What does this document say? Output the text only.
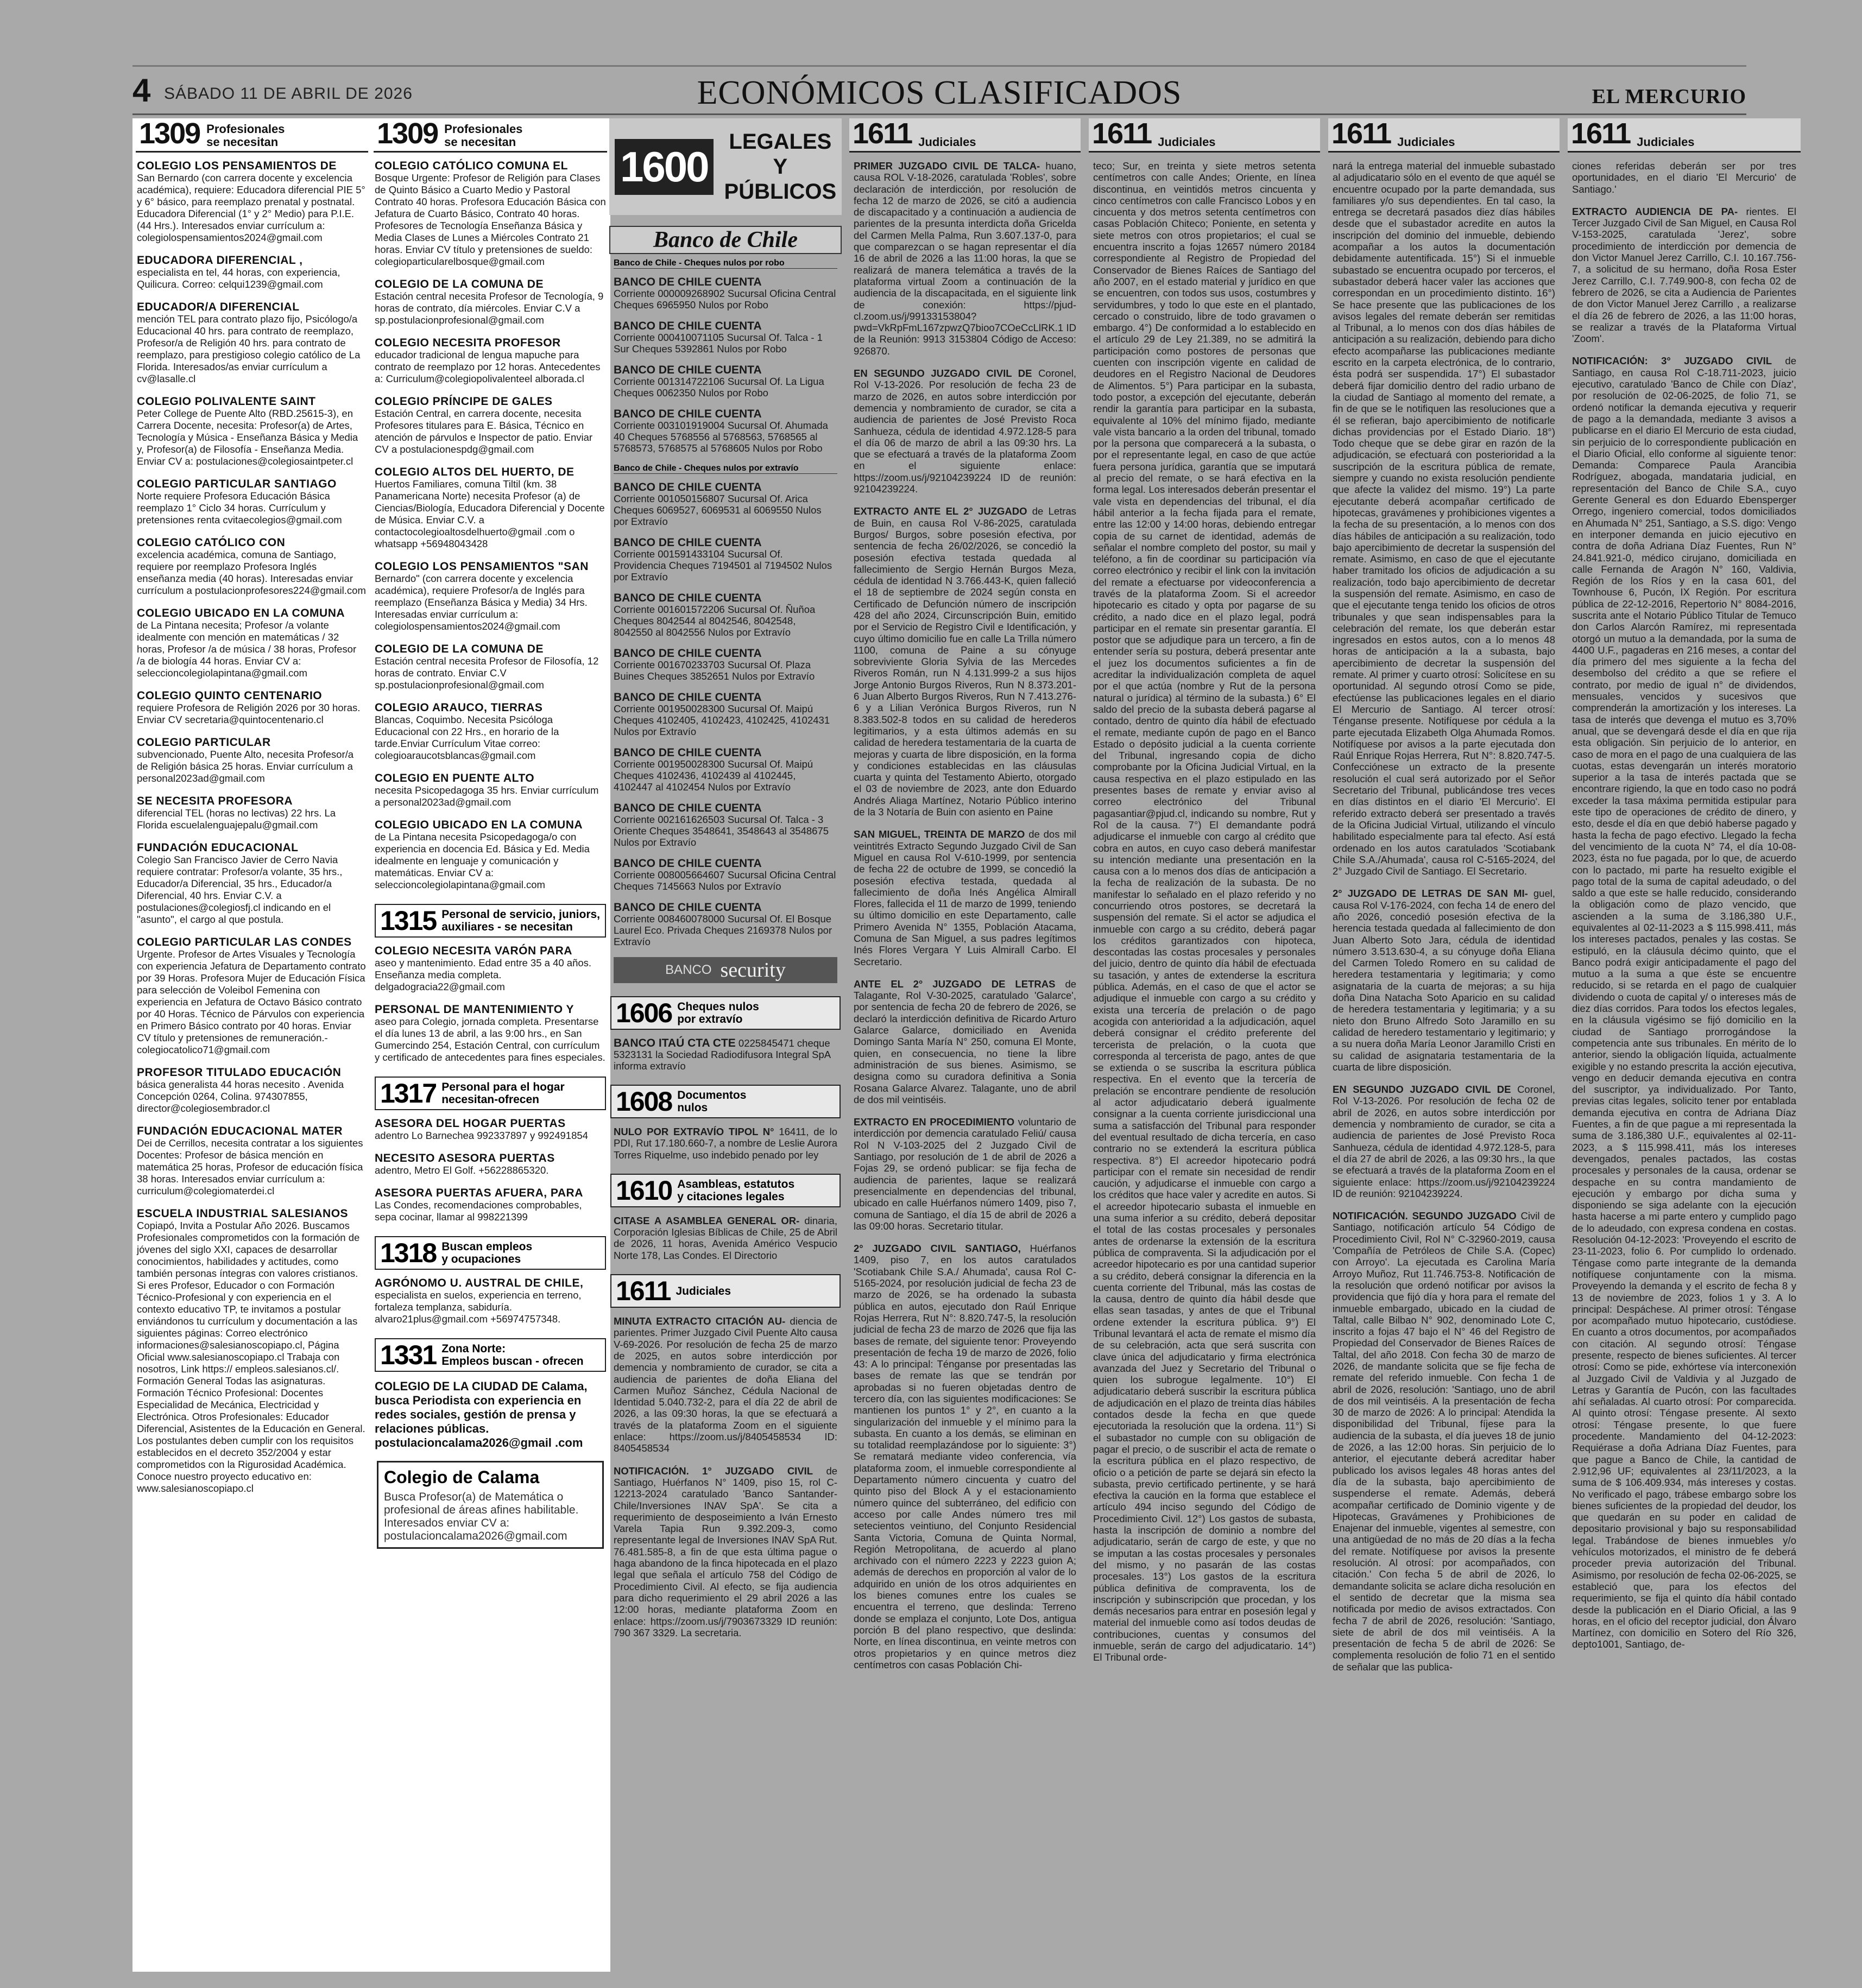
4 SÁBADO 11 DE ABRIL DE 2026	ECONÓMICOS CLASIFICADOS	EL MERCURIO
1309 Profesionales
se necesitan
COLEGIO LOS PENSAMIENTOS DE
San Bernardo (con carrera docente y excelencia académica), requiere: Educadora diferencial PIE 5° y 6° básico, para reemplazo prenatal y postnatal. Educadora Diferencial (1° y 2° Medio) para P.I.E. (44 Hrs.). Interesados enviar currículum a: colegiolospensamientos2024@gmail.com
EDUCADORA DIFERENCIAL ,
especialista en tel, 44 horas, con experiencia, Quilicura. Correo: celqui1239@gmail.com
EDUCADOR/A DIFERENCIAL
mención TEL para contrato plazo fijo, Psicólogo/a Educacional 40 hrs. para contrato de reemplazo, Profesor/a de Religión 40 hrs. para contrato de reemplazo, para prestigioso colegio católico de La Florida. Interesados/as enviar currículum a cv@lasalle.cl
COLEGIO POLIVALENTE SAINT
Peter College de Puente Alto (RBD.25615-3), en Carrera Docente, necesita: Profesor(a) de Artes, Tecnología y Música - Enseñanza Básica y Media y, Profesor(a) de Filosofía - Enseñanza Media. Enviar CV a: postulaciones@colegiosaintpeter.cl
COLEGIO PARTICULAR SANTIAGO
Norte requiere Profesora Educación Básica reemplazo 1° Ciclo 34 horas. Currículum y pretensiones renta cvitaecolegios@gmail.com
COLEGIO CATÓLICO CON
excelencia académica, comuna de Santiago, requiere por reemplazo Profesora Inglés enseñanza media (40 horas). Interesadas enviar currículum a postulacionprofesores224@gmail.com
COLEGIO UBICADO EN LA COMUNA
de La Pintana necesita; Profesor /a volante idealmente con mención en matemáticas / 32 horas, Profesor /a de música / 38 horas, Profesor /a de biología 44 horas. Enviar CV a: seleccioncolegiolapintana@gmail.com
COLEGIO QUINTO CENTENARIO
requiere Profesora de Religión 2026 por 30 horas. Enviar CV secretaria@quintocentenario.cl
COLEGIO PARTICULAR
subvencionado, Puente Alto, necesita Profesor/a de Religión básica 25 horas. Enviar currículum a personal2023ad@gmail.com
SE NECESITA PROFESORA
diferencial TEL (horas no lectivas) 22 hrs. La Florida escuelalenguajepalu@gmail.com
FUNDACIÓN EDUCACIONAL
Colegio San Francisco Javier de Cerro Navia requiere contratar: Profesor/a volante, 35 hrs., Educador/a Diferencial, 35 hrs., Educador/a Diferencial, 40 hrs. Enviar C.V. a postulaciones@colegiosfj.cl indicando en el "asunto", el cargo al que postula.
COLEGIO PARTICULAR LAS CONDES
Urgente. Profesor de Artes Visuales y Tecnología con experiencia Jefatura de Departamento contrato por 39 Horas. Profesora Mujer de Educación Física para selección de Voleibol Femenina con experiencia en Jefatura de Octavo Básico contrato por 40 Horas. Técnico de Párvulos con experiencia en Primero Básico contrato por 40 horas. Enviar CV título y pretensiones de remuneración.- colegiocatolico71@gmail.com
PROFESOR TITULADO EDUCACIÓN
básica generalista 44 horas necesito . Avenida Concepción 0264, Colina. 974307855, director@colegiosembrador.cl
FUNDACIÓN EDUCACIONAL MATER
Dei de Cerrillos, necesita contratar a los siguientes Docentes: Profesor de básica mención en matemática 25 horas, Profesor de educación física 38 horas. Interesados enviar currículum a: curriculum@colegiomaterdei.cl
ESCUELA INDUSTRIAL SALESIANOS
Copiapó, Invita a Postular Año 2026. Buscamos Profesionales comprometidos con la formación de jóvenes del siglo XXI, capaces de desarrollar conocimientos, habilidades y actitudes, como también personas íntegras con valores cristianos. Si eres Profesor, Educador o con Formación Técnico-Profesional y con experiencia en el contexto educativo TP, te invitamos a postular enviándonos tu currículum y documentación a las siguientes páginas: Correo electrónico informaciones@salesianoscopiapo.cl, Página Oficial www.salesianoscopiapo.cl Trabaja con nosotros, Link https:// empleos.salesianos.cl/. Formación General Todas las asignaturas. Formación Técnico Profesional: Docentes Especialidad de Mecánica, Electricidad y Electrónica. Otros Profesionales: Educador Diferencial, Asistentes de la Educación en General. Los postulantes deben cumplir con los requisitos establecidos en el decreto 352/2004 y estar comprometidos con la Rigurosidad Académica. Conoce nuestro proyecto educativo en: www.salesianoscopiapo.cl
1309 Profesionales
se necesitan
COLEGIO CATÓLICO COMUNA EL
Bosque Urgente: Profesor de Religión para Clases de Quinto Básico a Cuarto Medio y Pastoral Contrato 40 horas. Profesora Educación Básica con Jefatura de Cuarto Básico, Contrato 40 horas. Profesores de Tecnología Enseñanza Básica y Media Clases de Lunes a Miércoles Contrato 21 horas. Enviar CV título y pretensiones de sueldo: colegioparticularelbosque@gmail.com
COLEGIO DE LA COMUNA DE
Estación central necesita Profesor de Tecnología, 9 horas de contrato, día miércoles. Enviar C.V a sp.postulacionprofesional@gmail.com
COLEGIO NECESITA PROFESOR
educador tradicional de lengua mapuche para contrato de reemplazo por 12 horas. Antecedentes a: Curriculum@colegiopolivalenteel alborada.cl
COLEGIO PRÍNCIPE DE GALES
Estación Central, en carrera docente, necesita Profesores titulares para E. Básica, Técnico en atención de párvulos e Inspector de patio. Enviar CV a postulacionespdg@gmail.com
COLEGIO ALTOS DEL HUERTO, DE
Huertos Familiares, comuna Tiltil (km. 38 Panamericana Norte) necesita Profesor (a) de Ciencias/Biología, Educadora Diferencial y Docente de Música. Enviar C.V. a contactocolegioaltosdelhuerto@gmail .com o whatsapp +56948043428
COLEGIO LOS PENSAMIENTOS "SAN
Bernardo" (con carrera docente y excelencia académica), requiere Profesor/a de Inglés para reemplazo (Enseñanza Básica y Media) 34 Hrs. Interesadas enviar currículum a: colegiolospensamientos2024@gmail.com
COLEGIO DE LA COMUNA DE
Estación central necesita Profesor de Filosofía, 12 horas de contrato. Enviar C.V sp.postulacionprofesional@gmail.com
COLEGIO ARAUCO, TIERRAS
Blancas, Coquimbo. Necesita Psicóloga Educacional con 22 Hrs., en horario de la tarde.Enviar Currículum Vitae correo: colegioaraucotsblancas@gmail.com
COLEGIO EN PUENTE ALTO
necesita Psicopedagoga 35 hrs. Enviar currículum a personal2023ad@gmail.com
COLEGIO UBICADO EN LA COMUNA
de La Pintana necesita Psicopedagoga/o con experiencia en docencia Ed. Básica y Ed. Media idealmente en lenguaje y comunicación y matemáticas. Enviar CV a: seleccioncolegiolapintana@gmail.com
1315 Personal de servicio, juniors,
auxiliares - se necesitan
COLEGIO NECESITA VARÓN PARA
aseo y mantenimiento. Edad entre 35 a 40 años. Enseñanza media completa. delgadogracia22@gmail.com
PERSONAL DE MANTENIMIENTO Y
aseo para Colegio, jornada completa. Presentarse el día lunes 13 de abril, a las 9:00 hrs., en San Gumercindo 254, Estación Central, con currículum y certificado de antecedentes para fines especiales.
1317 Personal para el hogar
necesitan-ofrecen
ASESORA DEL HOGAR PUERTAS
adentro Lo Barnechea 992337897 y 992491854
NECESITO ASESORA PUERTAS
adentro, Metro El Golf. +56228865320.
ASESORA PUERTAS AFUERA, PARA
Las Condes, recomendaciones comprobables, sepa cocinar, llamar al 998221399
1318 Buscan empleos
y ocupaciones
AGRÓNOMO U. AUSTRAL DE CHILE,
especialista en suelos, experiencia en terreno, fortaleza templanza, sabiduría. alvaro21plus@gmail.com +56974757348.
1331 Zona Norte:
Empleos buscan - ofrecen
COLEGIO DE LA CIUDAD DE Calama, busca Periodista con experiencia en redes sociales, gestión de prensa y relaciones públicas. postulacioncalama2026@gmail .com
Colegio de Calama
Busca Profesor(a) de Matemática o profesional de áreas afines habilitable. Interesados enviar CV a: postulacioncalama2026@gmail.com
1600
LEGALES Y
PÚBLICOS
Banco de Chile
Banco de Chile - Cheques nulos por robo
BANCO DE CHILE CUENTA
Corriente 000009268902 Sucursal Oficina Central Cheques 6965950 Nulos por Robo
BANCO DE CHILE CUENTA
Corriente 000410071105 Sucursal Of. Talca - 1 Sur Cheques 5392861 Nulos por Robo
BANCO DE CHILE CUENTA
Corriente 001314722106 Sucursal Of. La Ligua Cheques 0062350 Nulos por Robo
BANCO DE CHILE CUENTA
Corriente 003101919004 Sucursal Of. Ahumada 40 Cheques 5768556 al 5768563, 5768565 al 5768573, 5768575 al 5768605 Nulos por Robo
Banco de Chile - Cheques nulos por extravío
BANCO DE CHILE CUENTA
Corriente 001050156807 Sucursal Of. Arica Cheques 6069527, 6069531 al 6069550 Nulos por Extravío
BANCO DE CHILE CUENTA
Corriente 001591433104 Sucursal Of. Providencia Cheques 7194501 al 7194502 Nulos por Extravío
BANCO DE CHILE CUENTA
Corriente 001601572206 Sucursal Of. Ñuñoa Cheques 8042544 al 8042546, 8042548, 8042550 al 8042556 Nulos por Extravío
BANCO DE CHILE CUENTA
Corriente 001670233703 Sucursal Of. Plaza Buines Cheques 3852651 Nulos por Extravío
BANCO DE CHILE CUENTA
Corriente 001950028300 Sucursal Of. Maipú Cheques 4102405, 4102423, 4102425, 4102431 Nulos por Extravío
BANCO DE CHILE CUENTA
Corriente 001950028300 Sucursal Of. Maipú Cheques 4102436, 4102439 al 4102445, 4102447 al 4102454 Nulos por Extravío
BANCO DE CHILE CUENTA
Corriente 002161626503 Sucursal Of. Talca - 3 Oriente Cheques 3548641, 3548643 al 3548675 Nulos por Extravío
BANCO DE CHILE CUENTA
Corriente 008005664607 Sucursal Oficina Central Cheques 7145663 Nulos por Extravío
BANCO DE CHILE CUENTA
Corriente 008460078000 Sucursal Of. El Bosque Laurel Eco. Privada Cheques 2169378 Nulos por Extravío
BANCO security
1606 Cheques nulos
por extravío
BANCO ITAÚ CTA CTE 0225845471 cheque 5323131 la Sociedad Radiodifusora Integral SpA informa extravío
1608 Documentos
nulos
NULO POR EXTRAVÍO TIPOL N° 16411, de lo PDI, Rut 17.180.660-7, a nombre de Leslie Aurora Torres Riquelme, uso indebido penado por ley
1610 Asambleas, estatutos
y citaciones legales
CITASE A ASAMBLEA GENERAL OR- dinaria, Corporación Iglesias Bíblicas de Chile, 25 de Abril de 2026, 11 horas, Avenida Américo Vespucio Norte 178, Las Condes. El Directorio
1611 Judiciales
MINUTA EXTRACTO CITACIÓN AU- diencia de parientes. Primer Juzgado Civil Puente Alto causa V-69-2026. Por resolución de fecha 25 de marzo de 2025, en autos sobre interdicción por demencia y nombramiento de curador, se cita a audiencia de parientes de doña Eliana del Carmen Muñoz Sánchez, Cédula Nacional de Identidad 5.040.732-2, para el día 22 de abril de 2026, a las 09:30 horas, la que se efectuará a través de la plataforma Zoom en el siguiente enlace: https://zoom.us/j/8405458534 ID: 8405458534
NOTIFICACIÓN. 1° JUZGADO CIVIL de Santiago, Huérfanos N° 1409, piso 15, rol C-12213-2024 caratulado 'Banco Santander-Chile/Inversiones INAV SpA'. Se cita a requerimiento de desposeimiento a Iván Ernesto Varela Tapia Run 9.392.209-3, como representante legal de Inversiones INAV SpA Rut. 76.481.585-8, a fin de que esta última pague o haga abandono de la finca hipotecada en el plazo legal que señala el artículo 758 del Código de Procedimiento Civil. Al efecto, se fija audiencia para dicho requerimiento el 29 abril 2026 a las 12:00 horas, mediante plataforma Zoom en enlace: https://zoom.us/j/7903673329 ID reunión: 790 367 3329. La secretaria.
1611 Judiciales
PRIMER JUZGADO CIVIL DE TALCA- huano, causa ROL V-18-2026, caratulada 'Robles', sobre declaración de interdicción, por resolución de fecha 12 de marzo de 2026, se citó a audiencia de discapacitado y a continuación a audiencia de parientes de la presunta interdicta doña Gricelda del Carmen Mella Palma, Run 3.607.137-0, para que comparezcan o se hagan representar el día 16 de abril de 2026 a las 11:00 horas, la que se realizará de manera telemática a través de la plataforma virtual Zoom a continuación de la audiencia de la discapacitada, en el siguiente link de conexión: https://pjud-cl.zoom.us/j/99133153804? pwd=VkRpFmL167zpwzQ7bioo7COeCcLlRK.1 ID de la Reunión: 9913 3153804 Código de Acceso: 926870.
EN SEGUNDO JUZGADO CIVIL DE Coronel, Rol V-13-2026. Por resolución de fecha 23 de marzo de 2026, en autos sobre interdicción por demencia y nombramiento de curador, se cita a audiencia de parientes de José Previsto Roca Sanhueza, cédula de identidad 4.972.128-5 para el día 06 de marzo de abril a las 09:30 hrs. La que se efectuará a través de la plataforma Zoom en el siguiente enlace: https://zoom.us/j/92104239224 ID de reunión: 92104239224.
EXTRACTO ANTE EL 2° JUZGADO de Letras de Buin, en causa Rol V-86-2025, caratulada Burgos/ Burgos, sobre posesión efectiva, por sentencia de fecha 26/02/2026, se concedió la posesión efectiva testada quedada al fallecimiento de Sergio Hernán Burgos Meza, cédula de identidad N 3.766.443-K, quien falleció el 18 de septiembre de 2024 según consta en Certificado de Defunción número de inscripción 428 del año 2024, Circunscripción Buin, emitido por el Servicio de Registro Civil e Identificación, y cuyo último domicilio fue en calle La Trilla número 1100, comuna de Paine a su cónyuge sobreviviente Gloria Sylvia de las Mercedes Riveros Román, run N 4.131.999-2 a sus hijos Jorge Antonio Burgos Riveros, Run N 8.373.201-6 Juan Alberto Burgos Riveros, Run N 7.413.276-6 y a Lilian Verónica Burgos Riveros, run N 8.383.502-8 todos en su calidad de herederos legitimarios, y a esta últimos además en su calidad de heredera testamentaria de la cuarta de mejoras y cuarta de libre disposición, en la forma y condiciones establecidas en las cláusulas cuarta y quinta del Testamento Abierto, otorgado el 03 de noviembre de 2023, ante don Eduardo Andrés Aliaga Martínez, Notario Público interino de la 3 Notaría de Buin con asiento en Paine
SAN MIGUEL, TREINTA DE MARZO de dos mil veintitrés Extracto Segundo Juzgado Civil de San Miguel en causa Rol V-610-1999, por sentencia de fecha 22 de octubre de 1999, se concedió la posesión efectiva testada, quedada al fallecimiento de doña Inés Angélica Almirall Flores, fallecida el 11 de marzo de 1999, teniendo su último domicilio en este Departamento, calle Primero Avenida N° 1355, Población Atacama, Comuna de San Miguel, a sus padres legítimos Inés Flores Vergara Y Luis Almirall Carbo. El Secretario.
ANTE EL 2° JUZGADO DE LETRAS de Talagante, Rol V-30-2025, caratulado 'Galarce', por sentencia de fecha 20 de febrero de 2026, se declaró la interdicción definitiva de Ricardo Arturo Galarce Galarce, domiciliado en Avenida Domingo Santa María N° 250, comuna El Monte, quien, en consecuencia, no tiene la libre administración de sus bienes. Asimismo, se designa como su curadora definitiva a Sonia Rosana Galarce Alvarez. Talagante, uno de abril de dos mil veintiséis.
EXTRACTO EN PROCEDIMIENTO voluntario de interdicción por demencia caratulado Feliú/ causa Rol N V-103-2025 del 2 Juzgado Civil de Santiago, por resolución de 1 de abril de 2026 a Fojas 29, se ordenó publicar: se fija fecha de audiencia de parientes, laque se realizará presencialmente en dependencias del tribunal, ubicado en calle Huérfanos número 1409, piso 7, comuna de Santiago, el día 15 de abril de 2026 a las 09:00 horas. Secretario titular.
2° JUZGADO CIVIL SANTIAGO, Huérfanos 1409, piso 7, en los autos caratulados 'Scotiabank Chile S.A./ Ahumada', causa Rol C-5165-2024, por resolución judicial de fecha 23 de marzo de 2026, se ha ordenado la subasta pública en autos, ejecutado don Raúl Enrique Rojas Herrera, Rut N°: 8.820.747-5, la resolución judicial de fecha 23 de marzo de 2026 que fija las bases de remate, del siguiente tenor: Proveyendo presentación de fecha 19 de marzo de 2026, folio 43: A lo principal: Ténganse por presentadas las bases de remate las que se tendrán por aprobadas si no fueren objetadas dentro de tercero día, con las siguientes modificaciones: Se mantienen los puntos 1° y 2°, en cuanto a la singularización del inmueble y el mínimo para la subasta. En cuanto a los demás, se eliminan en su totalidad reemplazándose por lo siguiente: 3°) Se rematará mediante video conferencia, vía plataforma zoom, el inmueble correspondiente al Departamento número cincuenta y cuatro del quinto piso del Block A y el estacionamiento número quince del subterráneo, del edificio con acceso por calle Andes número tres mil setecientos veintiuno, del Conjunto Residencial Santa Victoria, Comuna de Quinta Normal, Región Metropolitana, de acuerdo al plano archivado con el número 2223 y 2223 guion A; además de derechos en proporción al valor de lo adquirido en unión de los otros adquirientes en los bienes comunes entre los cuales se encuentra el terreno, que deslinda: Terreno donde se emplaza el conjunto, Lote Dos, antigua porción B del plano respectivo, que deslinda: Norte, en línea discontinua, en veinte metros con otros propietarios y en quince metros diez centímetros con casas Población Chi-
1611 Judiciales
teco; Sur, en treinta y siete metros setenta centímetros con calle Andes; Oriente, en línea discontinua, en veintidós metros cincuenta y cinco centímetros con calle Francisco Lobos y en cincuenta y dos metros setenta centímetros con casas Población Chiteco; Poniente, en setenta y siete metros con otros propietarios; el cual se encuentra inscrito a fojas 12657 número 20184 correspondiente al Registro de Propiedad del Conservador de Bienes Raíces de Santiago del año 2007, en el estado material y jurídico en que se encuentren, con todos sus usos, costumbres y servidumbres, y todo lo que este en el plantado, cercado o construido, libre de todo gravamen o embargo. 4°) De conformidad a lo establecido en el artículo 29 de Ley 21.389, no se admitirá la participación como postores de personas que cuenten con inscripción vigente en calidad de deudores en el Registro Nacional de Deudores de Alimentos. 5°) Para participar en la subasta, todo postor, a excepción del ejecutante, deberán rendir la garantía para participar en la subasta, equivalente al 10% del mínimo fijado, mediante vale vista bancario a la orden del tribunal, tomado por la persona que comparecerá a la subasta, o por el representante legal, en caso de que actúe fuera persona jurídica, garantía que se imputará al precio del remate, o se hará efectiva en la forma legal. Los interesados deberán presentar el vale vista en dependencias del tribunal, el día hábil anterior a la fecha fijada para el remate, entre las 12:00 y 14:00 horas, debiendo entregar copia de su carnet de identidad, además de señalar el nombre completo del postor, su mail y teléfono, a fin de coordinar su participación vía correo electrónico y recibir el link con la invitación del remate a efectuarse por videoconferencia a través de la plataforma Zoom. Si el acreedor hipotecario es citado y opta por pagarse de su crédito, a nado dice en el plazo legal, podrá participar en el remate sin presentar garantía. El postor que se adjudique para un tercero, a fin de entender sería su postura, deberá presentar ante el juez los documentos suficientes a fin de acreditar la individualización completa de aquel por el que actúa (nombre y Rut de la persona natural o jurídica) al término de la subasta.) 6° El saldo del precio de la subasta deberá pagarse al contado, dentro de quinto día hábil de efectuado el remate, mediante cupón de pago en el Banco Estado o depósito judicial a la cuenta corriente del Tribunal, ingresando copia de dicho comprobante por la Oficina Judicial Virtual, en la causa respectiva en el plazo estipulado en las presentes bases de remate y enviar aviso al correo electrónico del Tribunal pagasantiar@pjud.cl, indicando su nombre, Rut y Rol de la causa. 7°) El demandante podrá adjudicarse el inmueble con cargo al crédito que cobra en autos, en cuyo caso deberá manifestar su intención mediante una presentación en la causa con a lo menos dos días de anticipación a la fecha de realización de la subasta. De no manifestar lo señalado en el plazo referido y no concurriendo otros postores, se decretará la suspensión del remate. Si el actor se adjudica el inmueble con cargo a su crédito, deberá pagar los créditos garantizados con hipoteca, descontadas las costas procesales y personales del juicio, dentro de quinto día hábil de efectuada su tasación, y antes de extenderse la escritura pública. Además, en el caso de que el actor se adjudique el inmueble con cargo a su crédito y exista una tercería de prelación o de pago acogida con anterioridad a la adjudicación, aquel deberá consignar el crédito preferente del tercerista de prelación, o la cuota que corresponda al tercerista de pago, antes de que se extienda o se suscriba la escritura pública respectiva. En el evento que la tercería de prelación se encontrare pendiente de resolución al actor adjudicatario deberá igualmente consignar a la cuenta corriente jurisdiccional una suma a satisfacción del Tribunal para responder del eventual resultado de dicha tercería, en caso contrario no se extenderá la escritura pública respectiva. 8°) El acreedor hipotecario podrá participar con el remate sin necesidad de rendir caución, y adjudicarse el inmueble con cargo a los créditos que hace valer y acredite en autos. Si el acreedor hipotecario subasta el inmueble en una suma inferior a su crédito, deberá depositar el total de las costas procesales y personales antes de ordenarse la extensión de la escritura pública de compraventa. Si la adjudicación por el acreedor hipotecario es por una cantidad superior a su crédito, deberá consignar la diferencia en la cuenta corriente del Tribunal, más las costas de la causa, dentro de quinto día hábil desde que ellas sean tasadas, y antes de que el Tribunal ordene extender la escritura pública. 9°) El Tribunal levantará el acta de remate el mismo día de su celebración, acta que será suscrita con clave única del adjudicatario y firma electrónica avanzada del Juez y Secretario del Tribunal o quien los subrogue legalmente. 10°) El adjudicatario deberá suscribir la escritura pública de adjudicación en el plazo de treinta días hábiles contados desde la fecha en que quede ejecutoriada la resolución que la ordena. 11°) Si el subastador no cumple con su obligación de pagar el precio, o de suscribir el acta de remate o la escritura pública en el plazo respectivo, de oficio o a petición de parte se dejará sin efecto la subasta, previo certificado pertinente, y se hará efectiva la caución en la forma que establece el artículo 494 inciso segundo del Código de Procedimiento Civil. 12°) Los gastos de subasta, hasta la inscripción de dominio a nombre del adjudicatario, serán de cargo de este, y que no se imputan a las costas procesales y personales del mismo, y no pasarán de las costas procesales. 13°) Los gastos de la escritura pública definitiva de compraventa, los de inscripción y subinscripción que procedan, y los demás necesarios para entrar en posesión legal y material del inmueble como así todos deudas de contribuciones, cuentas y consumos del inmueble, serán de cargo del adjudicatario. 14°) El Tribunal orde-
1611 Judiciales
nará la entrega material del inmueble subastado al adjudicatario sólo en el evento de que aquél se encuentre ocupado por la parte demandada, sus familiares y/o sus dependientes. En tal caso, la entrega se decretará pasados diez días hábiles desde que el subastador acredite en autos la inscripción del dominio del inmueble, debiendo acompañar a los autos la documentación debidamente autentificada. 15°) Si el inmueble subastado se encuentra ocupado por terceros, el subastador deberá hacer valer las acciones que correspondan en un procedimiento distinto. 16°) Se hace presente que las publicaciones de los avisos legales del remate deberán ser remitidas al Tribunal, a lo menos con dos días hábiles de anticipación a su realización, debiendo para dicho efecto acompañarse las publicaciones mediante escrito en la carpeta electrónica, de lo contrario, ésta podrá ser suspendida. 17°) El subastador deberá fijar domicilio dentro del radio urbano de la ciudad de Santiago al momento del remate, a fin de que se le notifiquen las resoluciones que a él se refieran, bajo apercibimiento de notificarle dichas providencias por el Estado Diario. 18°) Todo cheque que se debe girar en razón de la adjudicación, se efectuará con posterioridad a la suscripción de la escritura pública de remate, siempre y cuando no exista resolución pendiente que afecte la validez del mismo. 19°) La parte ejecutante deberá acompañar certificado de hipotecas, gravámenes y prohibiciones vigentes a la fecha de su presentación, a lo menos con dos días hábiles de anticipación a su realización, todo bajo apercibimiento de decretar la suspensión del remate. Asimismo, en caso de que el ejecutante haber tramitado los oficios de adjudicación a su realización, todo bajo apercibimiento de decretar la suspensión del remate. Asimismo, en caso de que el ejecutante tenga tenido los oficios de otros tribunales y que sean indispensables para la celebración del remate, los que deberán estar ingresados en estos autos, con a lo menos 48 horas de anticipación a la a subasta, bajo apercibimiento de decretar la suspensión del remate. Al primer y cuarto otrosí: Solicítese en su oportunidad. Al segundo otrosí Como se pide, efectúense las publicaciones legales en el diario El Mercurio de Santiago. Al tercer otrosí: Ténganse presente. Notifíquese por cédula a la parte ejecutada Elizabeth Olga Ahumada Romos. Notifíquese por avisos a la parte ejecutada don Raúl Enrique Rojas Herrera, Rut N°: 8.820.747-5. Confecciónese un extracto de la presente resolución el cual será autorizado por el Señor Secretario del Tribunal, publicándose tres veces en días distintos en el diario 'El Mercurio'. El referido extracto deberá ser presentado a través de la Oficina Judicial Virtual, utilizando el vínculo habilitado especialmente para tal efecto. Así está ordenado en los autos caratulados 'Scotiabank Chile S.A./Ahumada', causa rol C-5165-2024, del 2° Juzgado Civil de Santiago. El Secretario.
2° JUZGADO DE LETRAS DE SAN MI- guel, causa Rol V-176-2024, con fecha 14 de enero del año 2026, concedió posesión efectiva de la herencia testada quedada al fallecimiento de don Juan Alberto Soto Jara, cédula de identidad número 3.513.630-4, a su cónyuge doña Eliana del Carmen Toledo Romero en su calidad de heredera testamentaria y legitimaria; y como asignataria de la cuarta de mejoras; a su hija doña Dina Natacha Soto Aparicio en su calidad de heredera testamentaria y legitimaria; y a su nieto don Bruno Alfredo Soto Jaramillo en su calidad de heredero testamentario y legitimario; y a su nuera doña María Leonor Jaramillo Cristi en su calidad de asignataria testamentaria de la cuarta de libre disposición.
EN SEGUNDO JUZGADO CIVIL DE Coronel, Rol V-13-2026. Por resolución de fecha 02 de abril de 2026, en autos sobre interdicción por demencia y nombramiento de curador, se cita a audiencia de parientes de José Previsto Roca Sanhueza, cédula de identidad 4.972.128-5, para el día 27 de abril de 2026, a las 09:30 hrs., la que se efectuará a través de la plataforma Zoom en el siguiente enlace: https://zoom.us/j/92104239224 ID de reunión: 92104239224.
NOTIFICACIÓN. SEGUNDO JUZGADO Civil de Santiago, notificación artículo 54 Código de Procedimiento Civil, Rol N° C-32960-2019, causa 'Compañía de Petróleos de Chile S.A. (Copec) con Arroyo'. La ejecutada es Carolina María Arroyo Muñoz, Rut 11.746.753-8. Notificación de la resolución que ordenó notificar por avisos la providencia que fijó día y hora para el remate del inmueble embargado, ubicado en la ciudad de Taltal, calle Bilbao N° 902, denominado Lote C, inscrito a fojas 47 bajo el N° 46 del Registro de Propiedad del Conservador de Bienes Raíces de Taltal, del año 2018. Con fecha 30 de marzo de 2026, de mandante solicita que se fije fecha de remate del referido inmueble. Con fecha 1 de abril de 2026, resolución: 'Santiago, uno de abril de dos mil veintiséis. A la presentación de fecha 30 de marzo de 2026: A lo principal: Atendida la disponibilidad del Tribunal, fíjese para la audiencia de la subasta, el día jueves 18 de junio de 2026, a las 12:00 horas. Sin perjuicio de lo anterior, el ejecutante deberá acreditar haber publicado los avisos legales 48 horas antes del día de la subasta, bajo apercibimiento de suspenderse el remate. Además, deberá acompañar certificado de Dominio vigente y de Hipotecas, Gravámenes y Prohibiciones de Enajenar del inmueble, vigentes al semestre, con una antigüedad de no más de 20 días a la fecha del remate. Notifíquese por avisos la presente resolución. Al otrosí: por acompañados, con citación.' Con fecha 5 de abril de 2026, lo demandante solicita se aclare dicha resolución en el sentido de decretar que la misma sea notificada por medio de avisos extractados. Con fecha 7 de abril de 2026, resolución: 'Santiago, siete de abril de dos mil veintiséis. A la presentación de fecha 5 de abril de 2026: Se complementa resolución de folio 71 en el sentido de señalar que las publica-
1611 Judiciales
ciones referidas deberán ser por tres oportunidades, en el diario 'El Mercurio' de Santiago.'
EXTRACTO AUDIENCIA DE PA- rientes. El Tercer Juzgado Civil de San Miguel, en Causa Rol V-153-2025, caratulada 'Jerez', sobre procedimiento de interdicción por demencia de don Victor Manuel Jerez Carrillo, C.I. 10.167.756-7, a solicitud de su hermano, doña Rosa Ester Jerez Carrillo, C.I. 7.749.900-8, con fecha 02 de febrero de 2026, se cita a Audiencia de Parientes de don Victor Manuel Jerez Carrillo , a realizarse el día 26 de febrero de 2026, a las 11:00 horas, se realizar a través de la Plataforma Virtual 'Zoom'.
NOTIFICACIÓN: 3° JUZGADO CIVIL de Santiago, en causa Rol C-18.711-2023, juicio ejecutivo, caratulado 'Banco de Chile con Díaz', por resolución de 02-06-2025, de folio 71, se ordenó notificar la demanda ejecutiva y requerir de pago a la demandada, mediante 3 avisos a publicarse en el diario El Mercurio de esta ciudad, sin perjuicio de lo correspondiente publicación en el Diario Oficial, ello conforme al siguiente tenor: Demanda: Comparece Paula Arancibia Rodríguez, abogada, mandataria judicial, en representación del Banco de Chile S.A., cuyo Gerente General es don Eduardo Ebensperger Orrego, ingeniero comercial, todos domiciliados en Ahumada N° 251, Santiago, a S.S. digo: Vengo en interponer demanda en juicio ejecutivo en contra de doña Adriana Díaz Fuentes, Run N° 24.841.921-0, médico cirujano, domiciliada en calle Fernanda de Aragón N° 160, Valdivia, Región de los Ríos y en la casa 601, del Townhouse 6, Pucón, IX Región. Por escritura pública de 22-12-2016, Repertorio N° 8084-2016, suscrita ante el Notario Público Titular de Temuco don Carlos Alarcón Ramírez, mi representada otorgó un mutuo a la demandada, por la suma de 4400 U.F., pagaderas en 216 meses, a contar del día primero del mes siguiente a la fecha del desembolso del crédito a que se refiere el contrato, por medio de igual n° de dividendos, mensuales, vencidos y sucesivos que comprenderán la amortización y los intereses. La tasa de interés que devenga el mutuo es 3,70% anual, que se devengará desde el día en que rija esta obligación. Sin perjuicio de lo anterior, en caso de mora en el pago de una cualquiera de las cuotas, estas devengarán un interés moratorio superior a la tasa de interés pactada que se encontrare rigiendo, la que en todo caso no podrá exceder la tasa máxima permitida estipular para este tipo de operaciones de crédito de dinero, y esto, desde el día en que debió haberse pagado y hasta la fecha de pago efectivo. Llegado la fecha del vencimiento de la cuota N° 74, el día 10-08- 2023, ésta no fue pagada, por lo que, de acuerdo con lo pactado, mi parte ha resuelto exigible el pago total de la suma de capital adeudado, o del saldo a que este se halle reducido, considerando la obligación como de plazo vencido, que ascienden a la suma de 3.186,380 U.F., equivalentes al 02-11-2023 a $ 115.998.411, más los intereses pactados, penales y las costas. Se estipuló, en la cláusula décimo quinto, que el Banco podrá exigir anticipadamente el pago del mutuo a la suma a que éste se encuentre reducido, si se retarda en el pago de cualquier dividendo o cuota de capital y/ o intereses más de diez días corridos. Para todos los efectos legales, en la cláusula vigésimo se fijó domicilio en la ciudad de Santiago prorrogándose la competencia ante sus tribunales. En mérito de lo anterior, siendo la obligación líquida, actualmente exigible y no estando prescrita la acción ejecutiva, vengo en deducir demanda ejecutiva en contra del suscriptor, ya individualizado. Por Tanto, previas citas legales, solicito tener por entablada demanda ejecutiva en contra de Adriana Díaz Fuentes, a fin de que pague a mi representada la suma de 3.186,380 U.F., equivalentes al 02-11-2023, a $ 115.998.411, más los intereses devengados, penales pactados, las costas procesales y personales de la causa, ordenar se despache en su contra mandamiento de ejecución y embargo por dicha suma y disponiendo se siga adelante con la ejecución hasta hacerse a mi parte entero y cumplido pago de lo adeudado, con expresa condena en costas. Resolución 04-12-2023: 'Proveyendo el escrito de 23-11-2023, folio 6. Por cumplido lo ordenado. Téngase como parte integrante de la demanda notifíquese conjuntamente con la misma. Proveyendo la demanda y el escrito de fecha 8 y 13 de noviembre de 2023, folios 1 y 3. A lo principal: Despáchese. Al primer otrosí: Téngase por acompañado mutuo hipotecario, custódiese. En cuanto a otros documentos, por acompañados con citación. Al segundo otrosí: Téngase presente, respecto de bienes suficientes. Al tercer otrosí: Como se pide, exhórtese vía interconexión al Juzgado Civil de Valdivia y al Juzgado de Letras y Garantía de Pucón, con las facultades ahí señaladas. Al cuarto otrosí: Por comparecida. Al quinto otrosí: Téngase presente. Al sexto otrosí: Téngase presente, lo que fuere procedente. Mandamiento del 04-12-2023: Requiérase a doña Adriana Díaz Fuentes, para que pague a Banco de Chile, la cantidad de 2.912,96 UF; equivalentes al 23/11/2023, a la suma de $ 106.409.934, más intereses y costas. No verificado el pago, trábese embargo sobre los bienes suficientes de la propiedad del deudor, los que quedarán en su poder en calidad de depositario provisional y bajo su responsabilidad legal. Trabándose de bienes inmuebles y/o vehículos motorizados, el ministro de fe deberá proceder previa autorización del Tribunal. Asimismo, por resolución de fecha 02-06-2025, se estableció que, para los efectos del requerimiento, se fija el quinto día hábil contado desde la publicación en el Diario Oficial, a las 9 horas, en el oficio del receptor judicial, don Álvaro Martínez, con domicilio en Sotero del Río 326, depto1001, Santiago, de-
